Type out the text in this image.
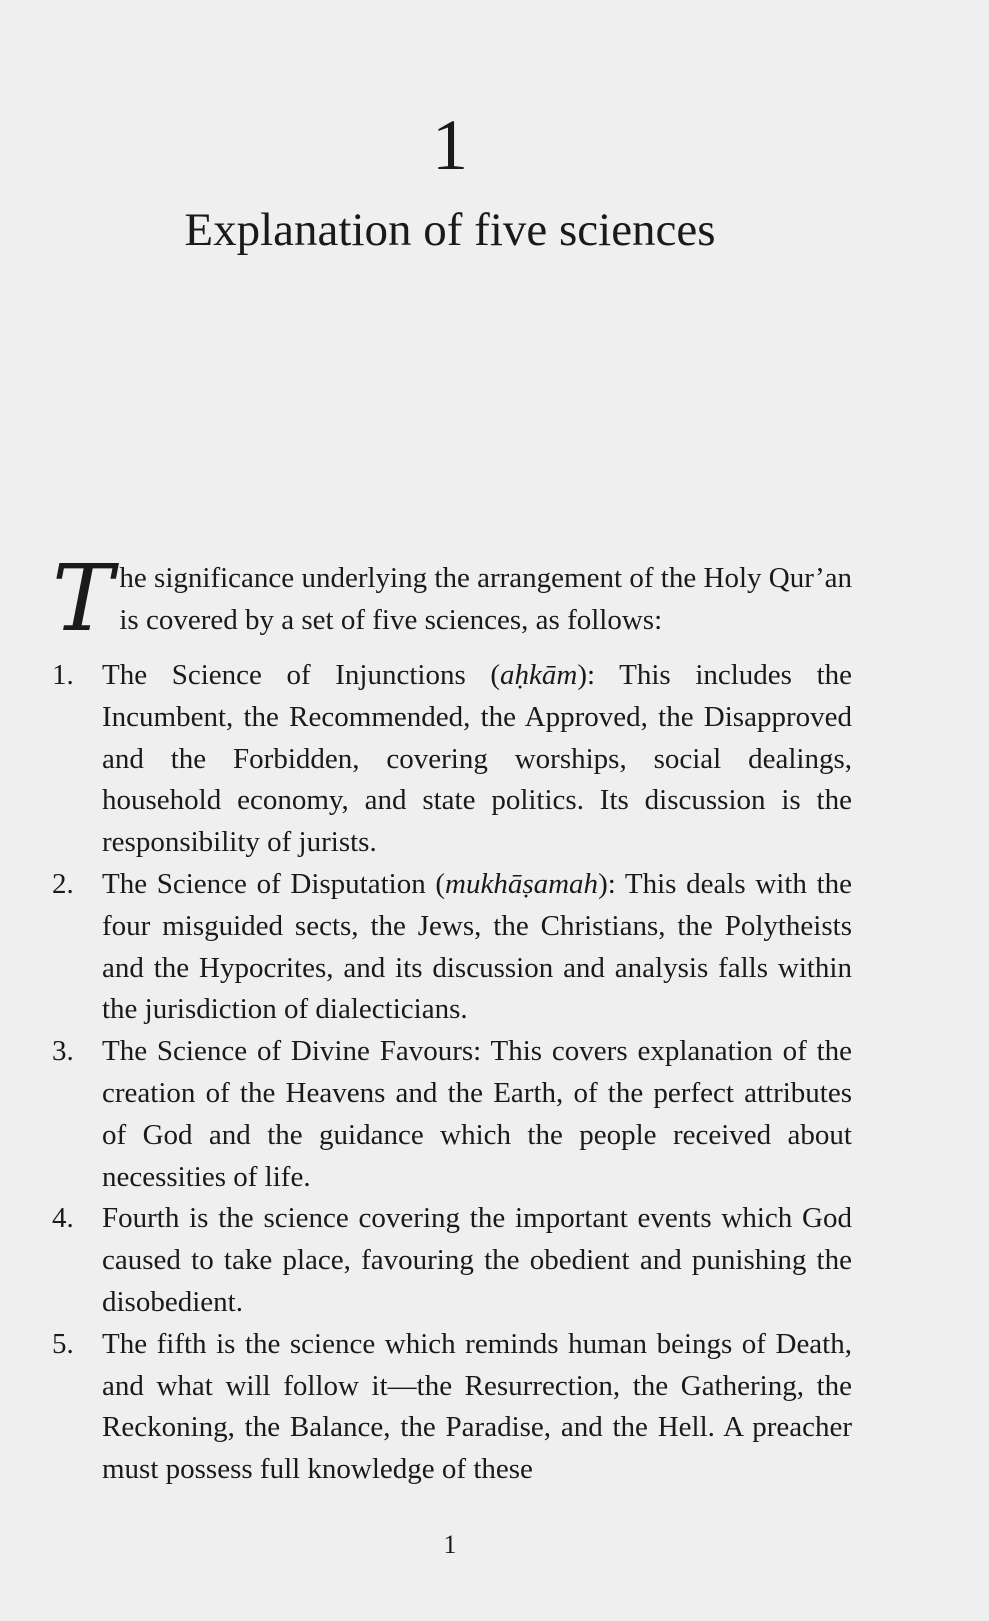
1
Explanation of five sciences

The significance underlying the arrangement of the Holy Qur’an is covered by a set of five sciences, as follows:

1. The Science of Injunctions (aḥkām): This includes the Incumbent, the Recommended, the Approved, the Disapproved and the Forbidden, covering worships, social dealings, household economy, and state politics. Its discussion is the responsibility of jurists.
2. The Science of Disputation (mukhāṣamah): This deals with the four misguided sects, the Jews, the Christians, the Polytheists and the Hypocrites, and its discussion and analysis falls within the jurisdiction of dialecticians.
3. The Science of Divine Favours: This covers explanation of the creation of the Heavens and the Earth, of the perfect attributes of God and the guidance which the people received about necessities of life.
4. Fourth is the science covering the important events which God caused to take place, favouring the obedient and punishing the disobedient.
5. The fifth is the science which reminds human beings of Death, and what will follow it—the Resurrection, the Gathering, the Reckoning, the Balance, the Paradise, and the Hell. A preacher must possess full knowledge of these
1
